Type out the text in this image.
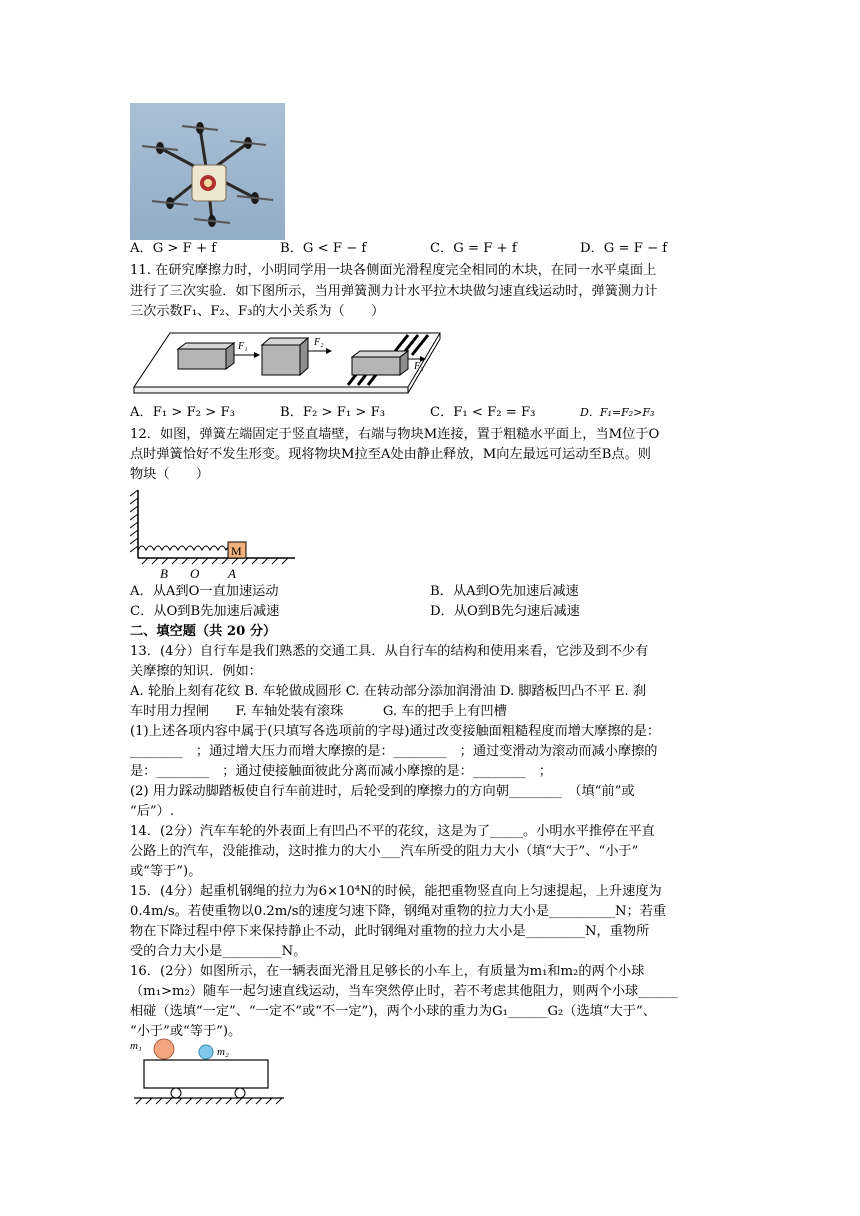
A．G > F + f	B．G < F − f	C．G = F + f	D．G = F − f
11. 在研究摩擦力时，小明同学用一块各侧面光滑程度完全相同的木块，在同一水平桌面上
进行了三次实验．如下图所示，当用弹簧测力计水平拉木块做匀速直线运动时，弹簧测力计
三次示数F₁、F₂、F₃的大小关系为（　　）
F₁	F₂
F₃
A．F₁ > F₂ > F₃	B．F₂ > F₁ > F₃	C．F₁ < F₂ = F₃	D．F₁=F₂>F₃
12．如图，弹簧左端固定于竖直墙壁，右端与物块M连接，置于粗糙水平面上，当M位于O
点时弹簧恰好不发生形变。现将物块M拉至A处由静止释放，M向左最远可运动至B点。则
物块（　　）
M
B O A
A．从A到O一直加速运动	B．从A到O先加速后减速
C．从O到B先加速后减速	D．从O到B先匀速后减速
二、填空题（共 20 分）
13．(4分）自行车是我们熟悉的交通工具．从自行车的结构和使用来看，它涉及到不少有
关摩擦的知识．例如：
A. 轮胎上刻有花纹 B. 车轮做成圆形 C. 在转动部分添加润滑油 D. 脚踏板凹凸不平 E. 刹
车时用力捏闸　　F. 车轴处装有滚珠　　　G. 车的把手上有凹槽
(1)上述各项内容中属于(只填写各选项前的字母)通过改变接触面粗糙程度而增大摩擦的是：
________　；通过增大压力而增大摩擦的是：________　；通过变滑动为滚动而减小摩擦的
是：________　；通过使接触面彼此分离而减小摩擦的是：________　；
(2) 用力踩动脚踏板使自行车前进时，后轮受到的摩擦力的方向朝________　（填“前”或
“后”）.
14．(2分）汽车车轮的外表面上有凹凸不平的花纹，这是为了_____。小明水平推停在平直
公路上的汽车，没能推动，这时推力的大小___汽车所受的阻力大小（填“大于”、“小于”
或“等于”)。
15．(4分）起重机钢绳的拉力为6×10⁴N的时候，能把重物竖直向上匀速提起，上升速度为
0.4m/s。若使重物以0.2m/s的速度匀速下降，钢绳对重物的拉力大小是__________N；若重
物在下降过程中停下来保持静止不动，此时钢绳对重物的拉力大小是_________N，重物所
受的合力大小是_________N。
16．(2分）如图所示，在一辆表面光滑且足够长的小车上，有质量为m₁和m₂的两个小球
（m₁>m₂）随车一起匀速直线运动，当车突然停止时，若不考虑其他阻力，则两个小球______
相碰（选填“一定”、“一定不”或“不一定”)，两个小球的重力为G₁______G₂（选填“大于”、
“小于”或“等于”)。
m₁	m₂
